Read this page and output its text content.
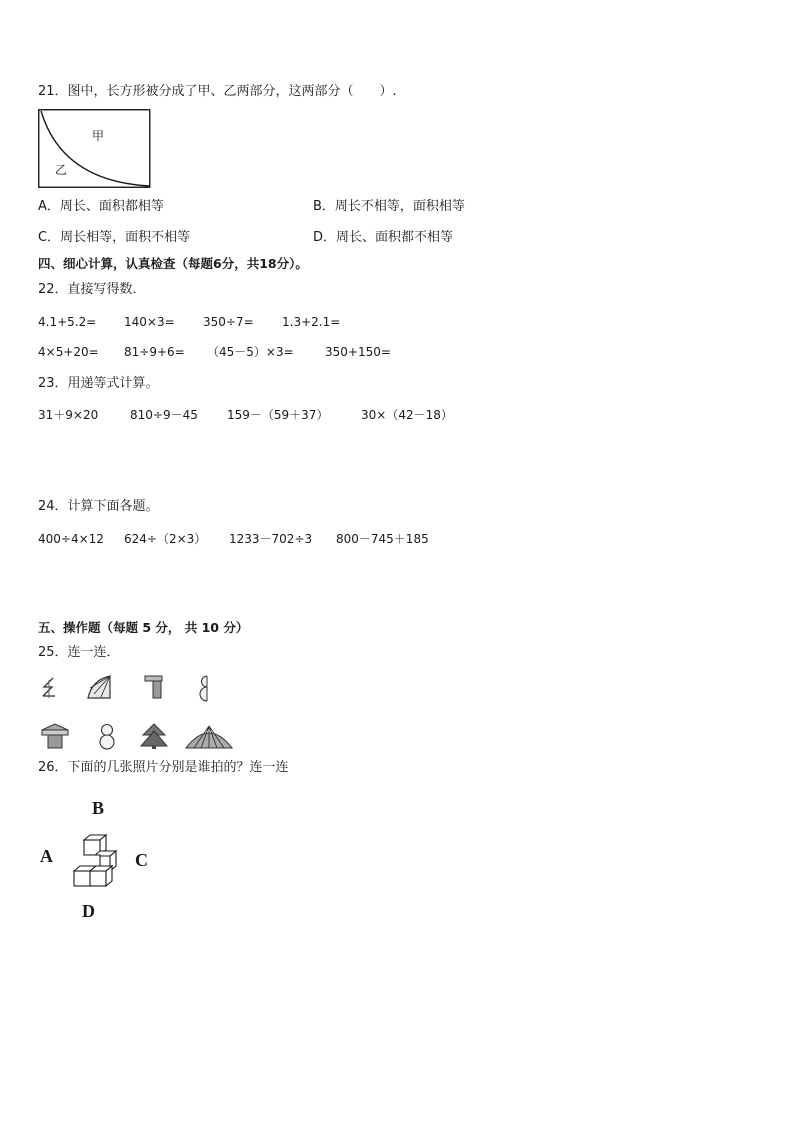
21．图中，长方形被分成了甲、乙两部分，这两部分（　　）.
甲
乙
A．周长、面积都相等	B．周长不相等，面积相等
C．周长相等，面积不相等	D．周长、面积都不相等
四、细心计算，认真检查（每题6分，共18分）。
22．直接写得数．
4.1+5.2= 140×3= 350÷7= 1.3+2.1=
4×5+20= 81÷9+6= （45－5）×3=	350+150=
23．用递等式计算。
31＋9×20	810÷9－45 159－（59＋37）	30×（42－18）
24．计算下面各题。
400÷4×12 624÷（2×3） 1233－702÷3 800－745＋185
五、操作题（每题 5 分， 共 10 分）
25．连一连．
26．下面的几张照片分别是谁拍的？连一连
B
A	C
D
